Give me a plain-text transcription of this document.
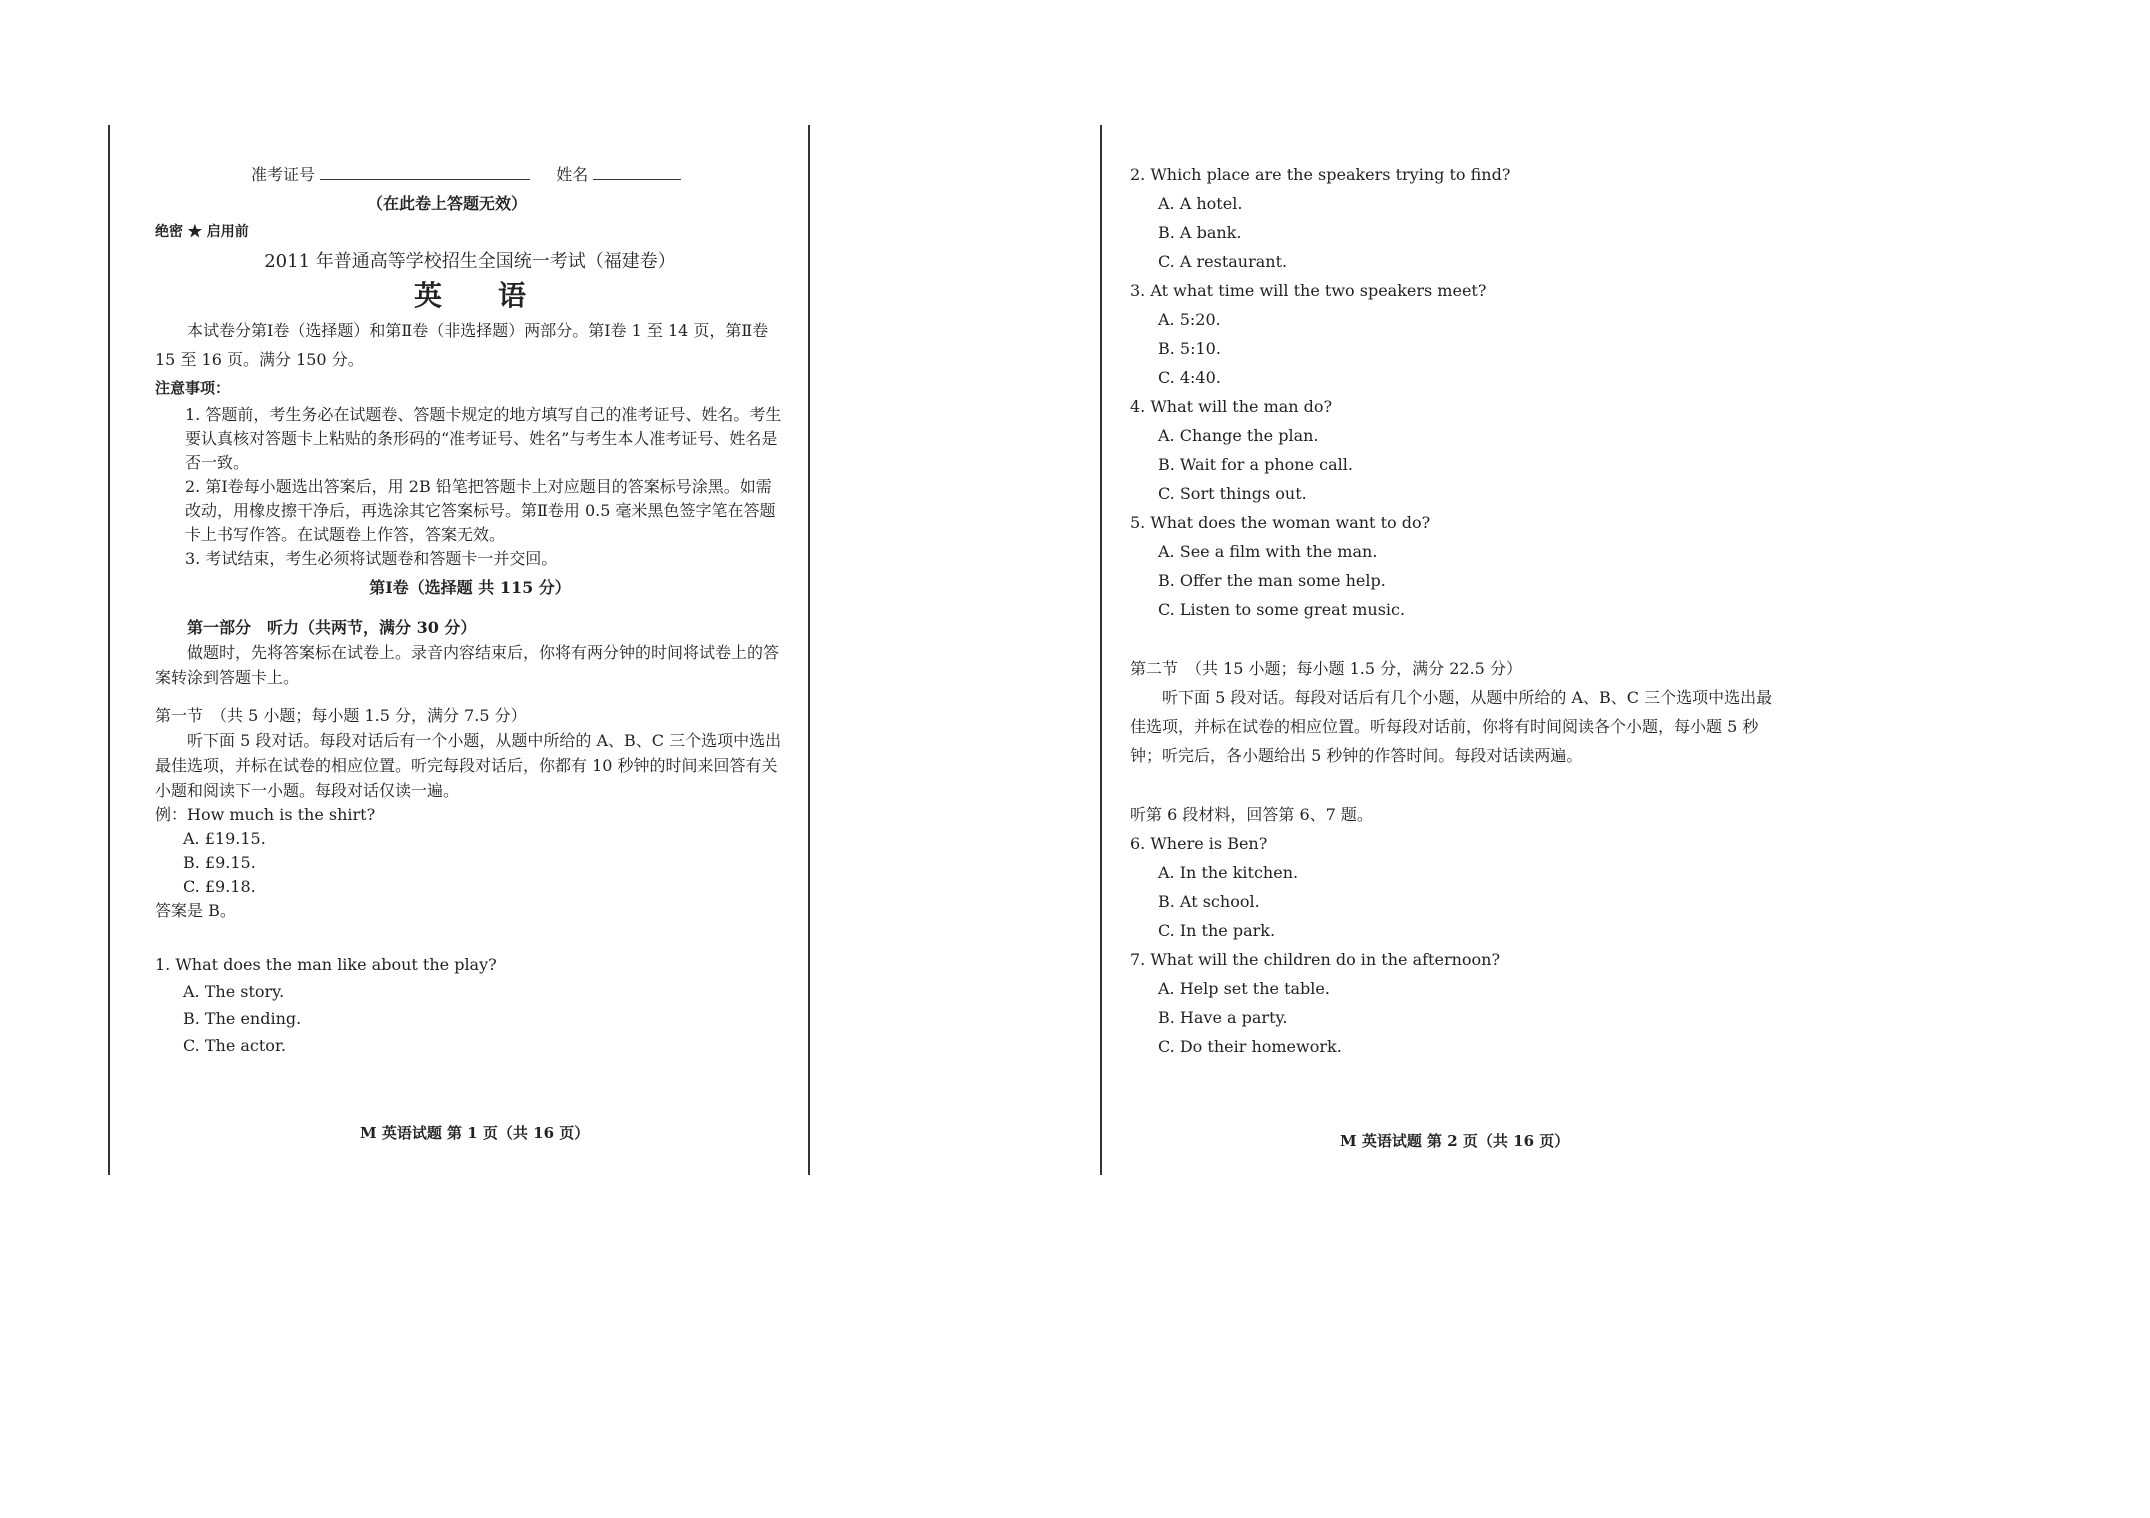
准考证号	姓名

（在此卷上答题无效）

绝密 ★ 启用前

2011 年普通高等学校招生全国统一考试（福建卷）

英　　语

本试卷分第Ⅰ卷（选择题）和第Ⅱ卷（非选择题）两部分。第Ⅰ卷 1 至 14 页，第Ⅱ卷 15 至 16 页。满分 150 分。

注意事项：

1. 答题前，考生务必在试题卷、答题卡规定的地方填写自己的准考证号、姓名。考生要认真核对答题卡上粘贴的条形码的“准考证号、姓名”与考生本人准考证号、姓名是否一致。

2. 第Ⅰ卷每小题选出答案后，用 2B 铅笔把答题卡上对应题目的答案标号涂黑。如需改动，用橡皮擦干净后，再选涂其它答案标号。第Ⅱ卷用 0.5 毫米黑色签字笔在答题卡上书写作答。在试题卷上作答，答案无效。

3. 考试结束，考生必须将试题卷和答题卡一并交回。

第Ⅰ卷（选择题 共 115 分）

第一部分　听力（共两节，满分 30 分）

做题时，先将答案标在试卷上。录音内容结束后，你将有两分钟的时间将试卷上的答案转涂到答题卡上。

第一节　（共 5 小题；每小题 1.5 分，满分 7.5 分）

听下面 5 段对话。每段对话后有一个小题，从题中所给的 A、B、C 三个选项中选出最佳选项，并标在试卷的相应位置。听完每段对话后，你都有 10 秒钟的时间来回答有关小题和阅读下一小题。每段对话仅读一遍。

例：How much is the shirt?

A. £19.15.

B. £9.15.

C. £9.18.

答案是 B。

1. What does the man like about the play?

A. The story.

B. The ending.

C. The actor.

M 英语试题 第 1 页（共 16 页）

2. Which place are the speakers trying to find?

A. A hotel.

B. A bank.

C. A restaurant.

3. At what time will the two speakers meet?

A. 5:20.

B. 5:10.

C. 4:40.

4. What will the man do?

A. Change the plan.

B. Wait for a phone call.

C. Sort things out.

5. What does the woman want to do?

A. See a film with the man.

B. Offer the man some help.

C. Listen to some great music.

第二节　（共 15 小题；每小题 1.5 分，满分 22.5 分）

听下面 5 段对话。每段对话后有几个小题，从题中所给的 A、B、C 三个选项中选出最佳选项，并标在试卷的相应位置。听每段对话前，你将有时间阅读各个小题，每小题 5 秒钟；听完后，各小题给出 5 秒钟的作答时间。每段对话读两遍。

听第 6 段材料，回答第 6、7 题。

6. Where is Ben?

A. In the kitchen.

B. At school.

C. In the park.

7. What will the children do in the afternoon?

A. Help set the table.

B. Have a party.

C. Do their homework.

M 英语试题 第 2 页（共 16 页）
